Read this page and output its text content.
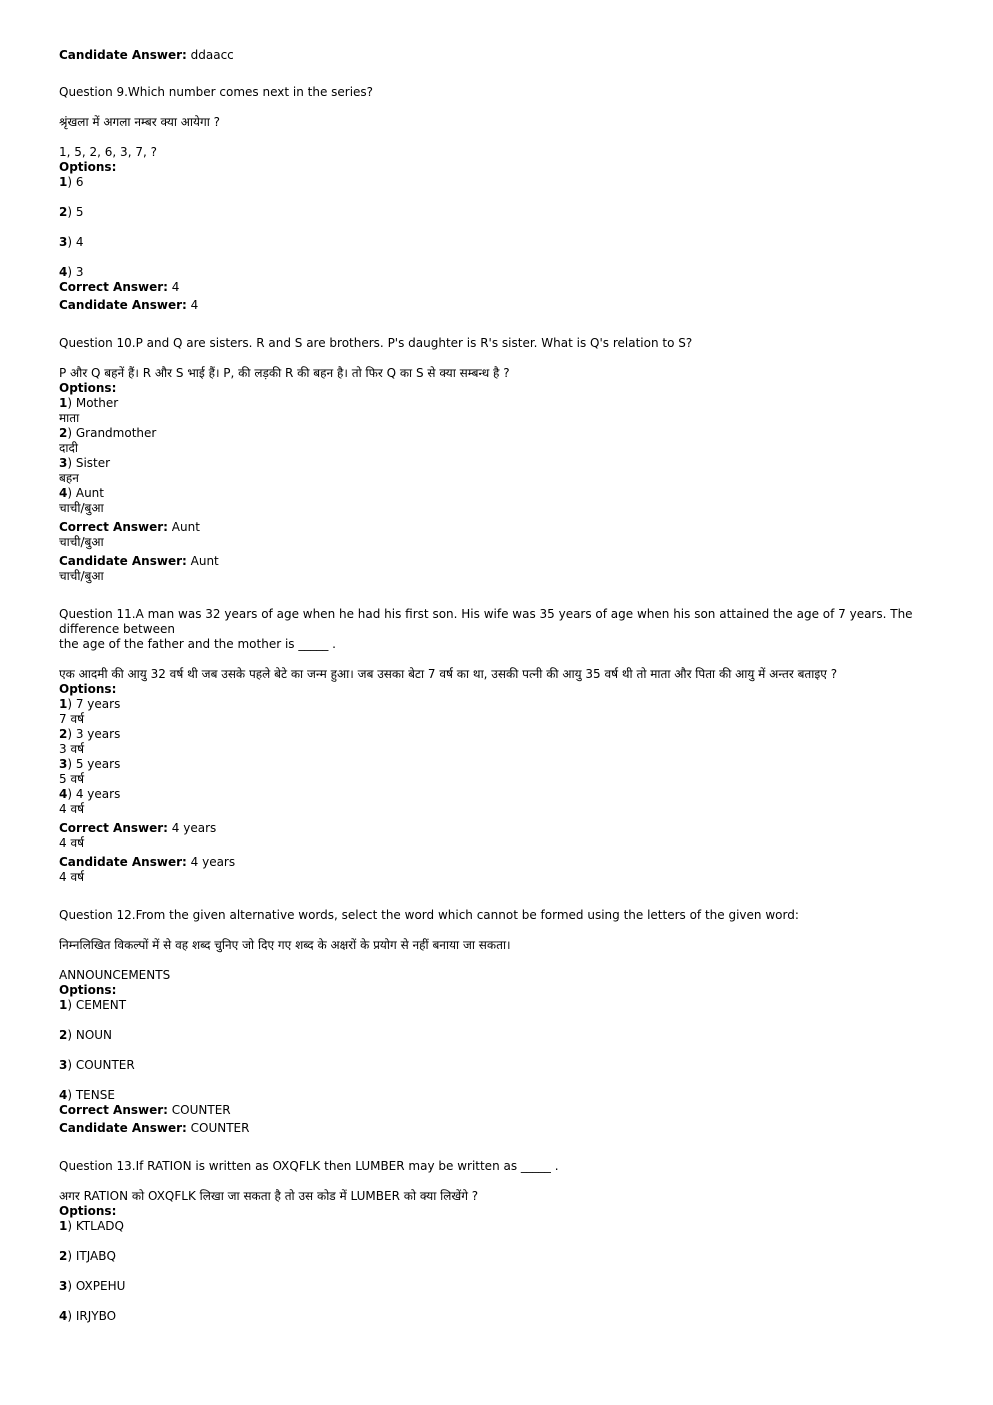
Candidate Answer: ddaacc
Question 9.Which number comes next in the series?
श्रृंखला में अगला नम्बर क्या आयेगा ?
1, 5, 2, 6, 3, 7, ?
Options:
1) 6
2) 5
3) 4
4) 3
Correct Answer: 4
Candidate Answer: 4
Question 10.P and Q are sisters. R and S are brothers. P's daughter is R's sister. What is Q's relation to S?
P और Q बहनें हैं। R और S भाई हैं। P, की लड़की R की बहन है। तो फिर Q का S से क्या सम्बन्ध है ?
Options:
1) Mother
माता
2) Grandmother
दादी
3) Sister
बहन
4) Aunt
चाची/बुआ
Correct Answer: Aunt
चाची/बुआ
Candidate Answer: Aunt
चाची/बुआ
Question 11.A man was 32 years of age when he had his first son. His wife was 35 years of age when his son attained the age of 7 years. The difference between
the age of the father and the mother is _____ .
एक आदमी की आयु 32 वर्ष थी जब उसके पहले बेटे का जन्म हुआ। जब उसका बेटा 7 वर्ष का था, उसकी पत्नी की आयु 35 वर्ष थी तो माता और पिता की आयु में अन्तर बताइए ?
Options:
1) 7 years
7 वर्ष
2) 3 years
3 वर्ष
3) 5 years
5 वर्ष
4) 4 years
4 वर्ष
Correct Answer: 4 years
4 वर्ष
Candidate Answer: 4 years
4 वर्ष
Question 12.From the given alternative words, select the word which cannot be formed using the letters of the given word:
निम्नलिखित विकल्पों में से वह शब्द चुनिए जो दिए गए शब्द के अक्षरों के प्रयोग से नहीं बनाया जा सकता।
ANNOUNCEMENTS
Options:
1) CEMENT
2) NOUN
3) COUNTER
4) TENSE
Correct Answer: COUNTER
Candidate Answer: COUNTER
Question 13.If RATION is written as OXQFLK then LUMBER may be written as _____ .
अगर RATION को OXQFLK लिखा जा सकता है तो उस कोड में LUMBER को क्या लिखेंगे ?
Options:
1) KTLADQ
2) ITJABQ
3) OXPEHU
4) IRJYBO
